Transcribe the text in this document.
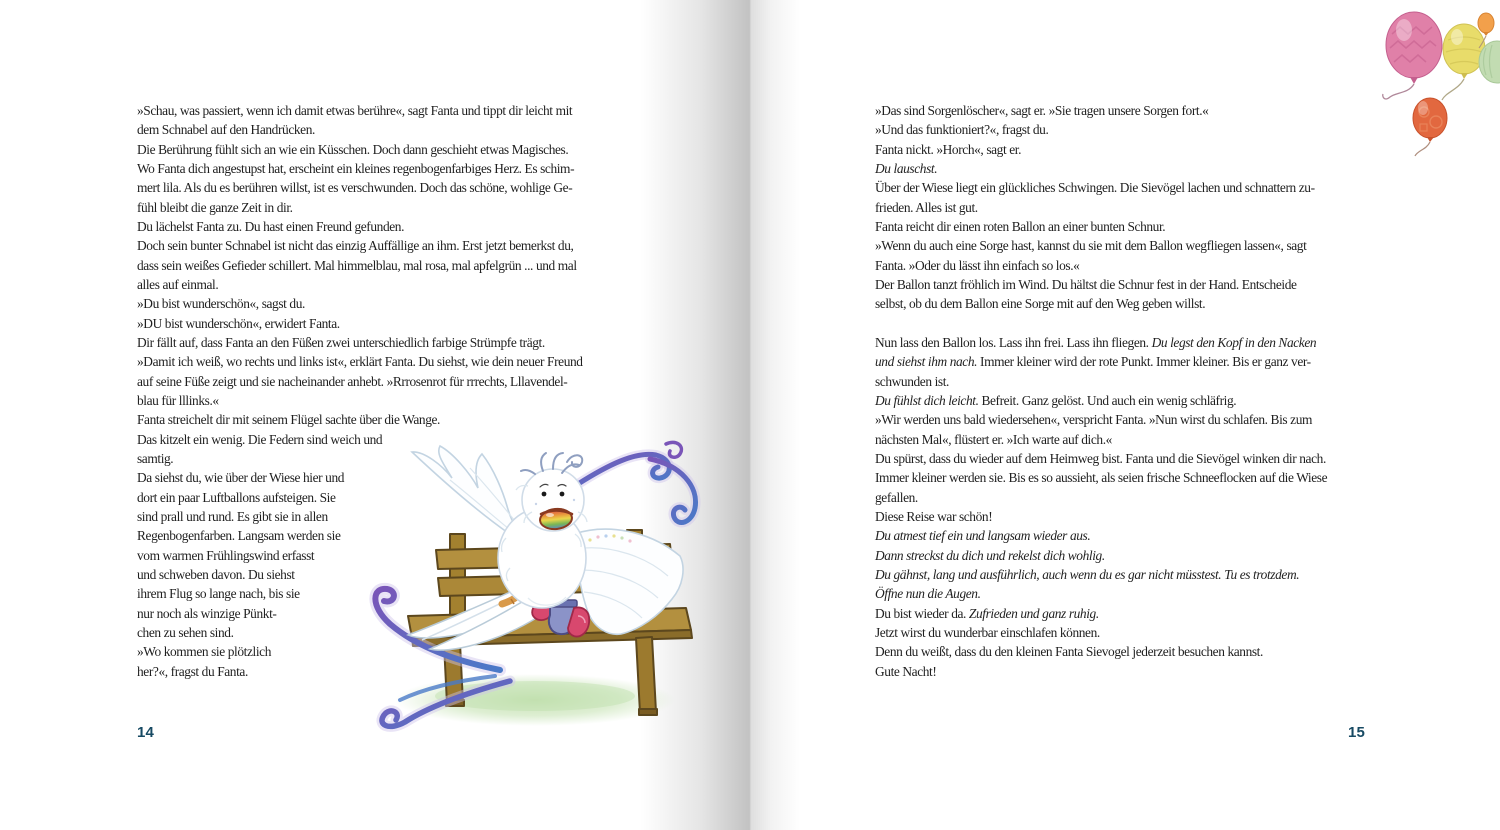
»Schau, was passiert, wenn ich damit etwas berühre«, sagt Fanta und tippt dir leicht mit
dem Schnabel auf den Handrücken.
Die Berührung fühlt sich an wie ein Küsschen. Doch dann geschieht etwas Magisches.
Wo Fanta dich angestupst hat, erscheint ein kleines regenbogenfarbiges Herz. Es schim-
mert lila. Als du es berühren willst, ist es verschwunden. Doch das schöne, wohlige Ge-
fühl bleibt die ganze Zeit in dir.
Du lächelst Fanta zu. Du hast einen Freund gefunden.
Doch sein bunter Schnabel ist nicht das einzig Auffällige an ihm. Erst jetzt bemerkst du,
dass sein weißes Gefieder schillert. Mal himmelblau, mal rosa, mal apfelgrün ... und mal
alles auf einmal.
»Du bist wunderschön«, sagst du.
»DU bist wunderschön«, erwidert Fanta.
Dir fällt auf, dass Fanta an den Füßen zwei unterschiedlich farbige Strümpfe trägt.
»Damit ich weiß, wo rechts und links ist«, erklärt Fanta. Du siehst, wie dein neuer Freund
auf seine Füße zeigt und sie nacheinander anhebt. »Rrrosenrot für rrrechts, Lllavendel-
blau für lllinks.«
Fanta streichelt dir mit seinem Flügel sachte über die Wange.
Das kitzelt ein wenig. Die Federn sind weich und
samtig.
Da siehst du, wie über der Wiese hier und
dort ein paar Luftballons aufsteigen. Sie
sind prall und rund. Es gibt sie in allen
Regenbogenfarben. Langsam werden sie
vom warmen Frühlingswind erfasst
und schweben davon. Du siehst
ihrem Flug so lange nach, bis sie
nur noch als winzige Pünkt-
chen zu sehen sind.
»Wo kommen sie plötzlich
her?«, fragst du Fanta.
»Das sind Sorgenlöscher«, sagt er. »Sie tragen unsere Sorgen fort.«
»Und das funktioniert?«, fragst du.
Fanta nickt. »Horch«, sagt er.
Du lauschst.
Über der Wiese liegt ein glückliches Schwingen. Die Sievögel lachen und schnattern zu-
frieden. Alles ist gut.
Fanta reicht dir einen roten Ballon an einer bunten Schnur.
»Wenn du auch eine Sorge hast, kannst du sie mit dem Ballon wegfliegen lassen«, sagt
Fanta. »Oder du lässt ihn einfach so los.«
Der Ballon tanzt fröhlich im Wind. Du hältst die Schnur fest in der Hand. Entscheide
selbst, ob du dem Ballon eine Sorge mit auf den Weg geben willst.

Nun lass den Ballon los. Lass ihn frei. Lass ihn fliegen. Du legst den Kopf in den Nacken
und siehst ihm nach. Immer kleiner wird der rote Punkt. Immer kleiner. Bis er ganz ver-
schwunden ist.
Du fühlst dich leicht. Befreit. Ganz gelöst. Und auch ein wenig schläfrig.
»Wir werden uns bald wiedersehen«, verspricht Fanta. »Nun wirst du schlafen. Bis zum
nächsten Mal«, flüstert er. »Ich warte auf dich.«
Du spürst, dass du wieder auf dem Heimweg bist. Fanta und die Sievögel winken dir nach.
Immer kleiner werden sie. Bis es so aussieht, als seien frische Schneeflocken auf die Wiese
gefallen.
Diese Reise war schön!
Du atmest tief ein und langsam wieder aus.
Dann streckst du dich und rekelst dich wohlig.
Du gähnst, lang und ausführlich, auch wenn du es gar nicht müsstest. Tu es trotzdem.
Öffne nun die Augen.
Du bist wieder da. Zufrieden und ganz ruhig.
Jetzt wirst du wunderbar einschlafen können.
Denn du weißt, dass du den kleinen Fanta Sievogel jederzeit besuchen kannst.
Gute Nacht!
14	15
